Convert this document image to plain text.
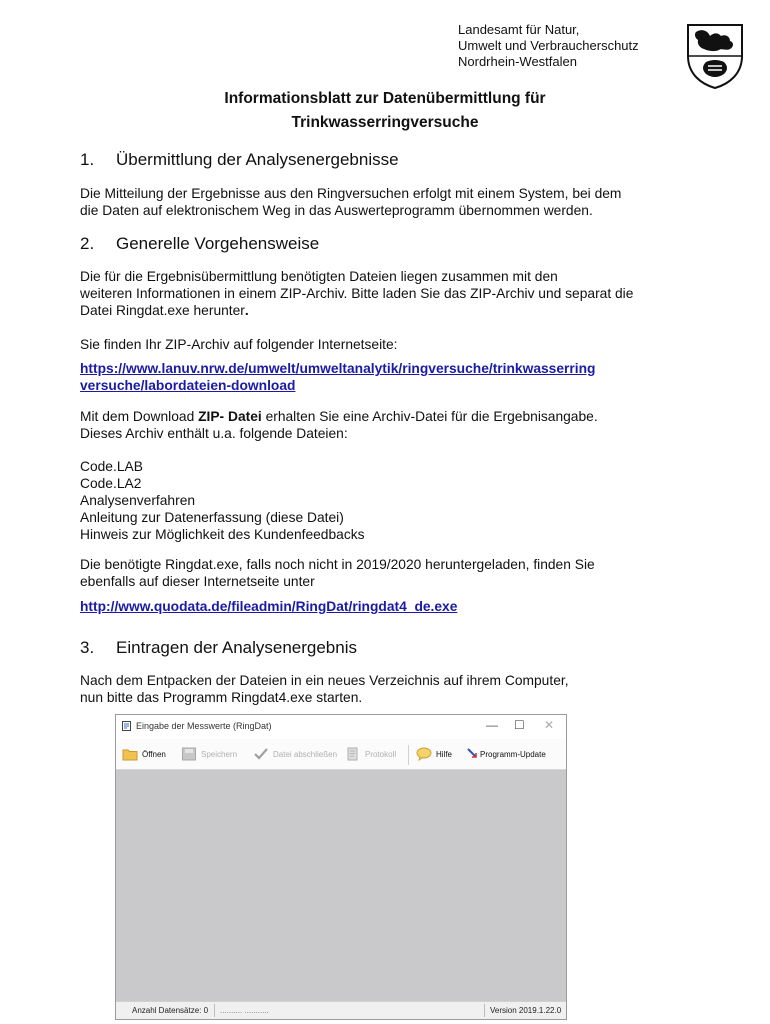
Landesamt für Natur,
Umwelt und Verbraucherschutz
Nordrhein-Westfalen
Informationsblatt zur Datenübermittlung für
Trinkwasserringversuche
1. Übermittlung der Analysenergebnisse
Die Mitteilung der Ergebnisse aus den Ringversuchen erfolgt mit einem System, bei dem
die Daten auf elektronischem Weg in das Auswerteprogramm übernommen werden.
2. Generelle Vorgehensweise
Die für die Ergebnisübermittlung benötigten Dateien liegen zusammen mit den
weiteren Informationen in einem ZIP-Archiv. Bitte laden Sie das ZIP-Archiv und separat die
Datei Ringdat.exe herunter.
Sie finden Ihr ZIP-Archiv auf folgender Internetseite:
https://www.lanuv.nrw.de/umwelt/umweltanalytik/ringversuche/trinkwasserring
versuche/labordateien-download
Mit dem Download ZIP- Datei erhalten Sie eine Archiv-Datei für die Ergebnisangabe.
Dieses Archiv enthält u.a. folgende Dateien:
Code.LAB
Code.LA2
Analysenverfahren
Anleitung zur Datenerfassung (diese Datei)
Hinweis zur Möglichkeit des Kundenfeedbacks
Die benötigte Ringdat.exe, falls noch nicht in 2019/2020 heruntergeladen, finden Sie
ebenfalls auf dieser Internetseite unter
http://www.quodata.de/fileadmin/RingDat/ringdat4_de.exe
3. Eintragen der Analysenergebnis
Nach dem Entpacken der Dateien in ein neues Verzeichnis auf ihrem Computer,
nun bitte das Programm Ringdat4.exe starten.
Eingabe der Messwerte (RingDat)	— ☐ ✕
Öffnen	Speichern	Datei abschließen	Protokoll	Hilfe	Programm-Update
Anzahl Datensätze: 0 .......... ...........	Version 2019.1.22.0
